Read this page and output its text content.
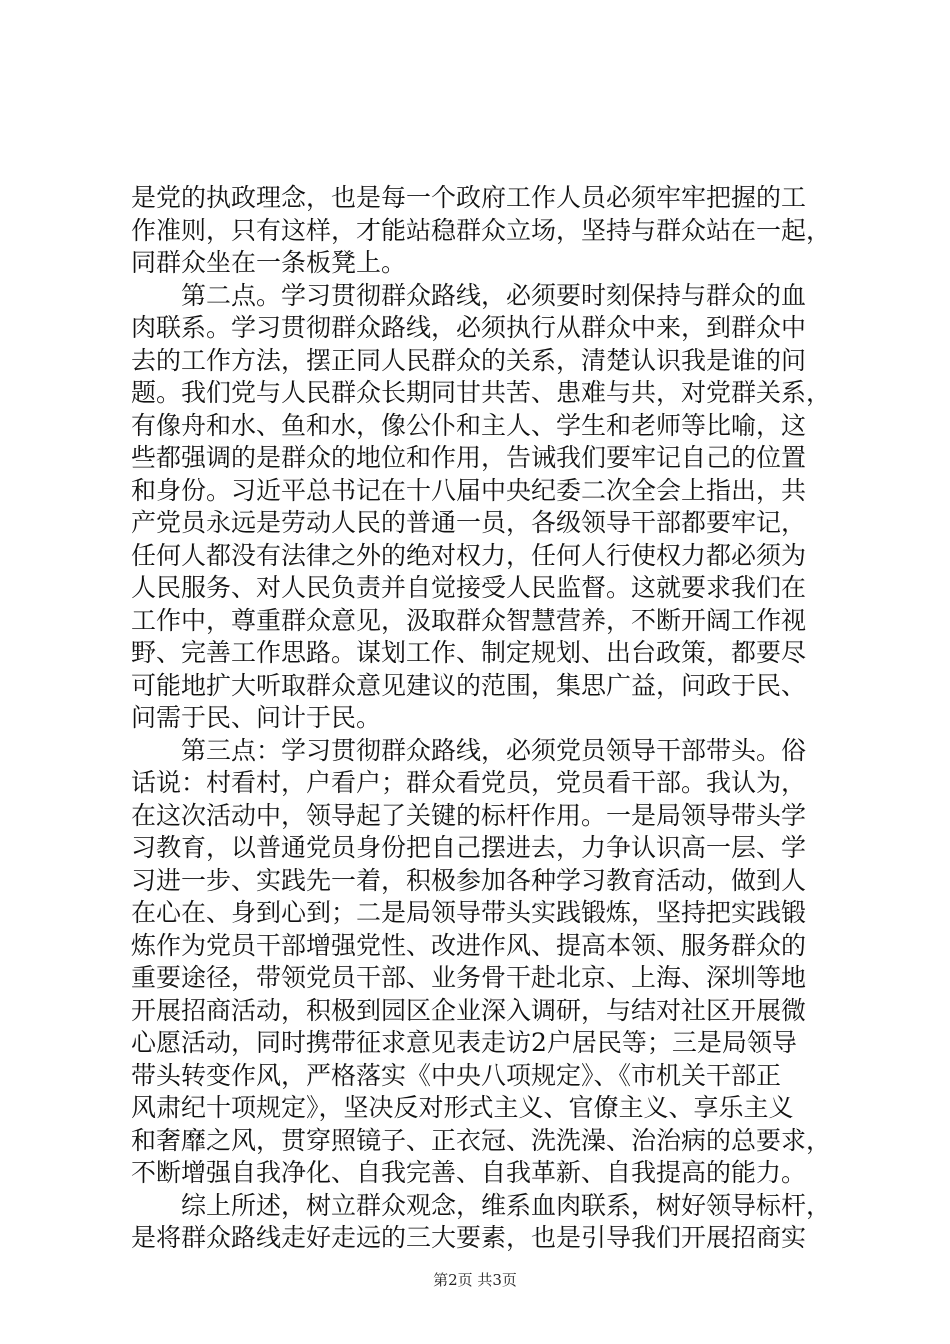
是党的执政理念，也是每一个政府工作人员必须牢牢把握的工
作准则，只有这样，才能站稳群众立场，坚持与群众站在一起，
同群众坐在一条板凳上。
第二点。学习贯彻群众路线，必须要时刻保持与群众的血
肉联系。学习贯彻群众路线，必须执行从群众中来，到群众中
去的工作方法，摆正同人民群众的关系，清楚认识我是谁的问
题。我们党与人民群众长期同甘共苦、患难与共，对党群关系，
有像舟和水、鱼和水，像公仆和主人、学生和老师等比喻，这
些都强调的是群众的地位和作用，告诫我们要牢记自己的位置
和身份。习近平总书记在十八届中央纪委二次全会上指出，共
产党员永远是劳动人民的普通一员，各级领导干部都要牢记，
任何人都没有法律之外的绝对权力，任何人行使权力都必须为
人民服务、对人民负责并自觉接受人民监督。这就要求我们在
工作中，尊重群众意见，汲取群众智慧营养，不断开阔工作视
野、完善工作思路。谋划工作、制定规划、出台政策，都要尽
可能地扩大听取群众意见建议的范围，集思广益，问政于民、
问需于民、问计于民。
第三点：学习贯彻群众路线，必须党员领导干部带头。俗
话说：村看村，户看户；群众看党员，党员看干部。我认为，
在这次活动中，领导起了关键的标杆作用。一是局领导带头学
习教育，以普通党员身份把自己摆进去，力争认识高一层、学
习进一步、实践先一着，积极参加各种学习教育活动，做到人
在心在、身到心到；二是局领导带头实践锻炼，坚持把实践锻
炼作为党员干部增强党性、改进作风、提高本领、服务群众的
重要途径，带领党员干部、业务骨干赴北京、上海、深圳等地
开展招商活动，积极到园区企业深入调研，与结对社区开展微
心愿活动，同时携带征求意见表走访2户居民等；三是局领导
带头转变作风，严格落实《中央八项规定》、《市机关干部正
风肃纪十项规定》，坚决反对形式主义、官僚主义、享乐主义
和奢靡之风，贯穿照镜子、正衣冠、洗洗澡、治治病的总要求，
不断增强自我净化、自我完善、自我革新、自我提高的能力。
综上所述，树立群众观念，维系血肉联系，树好领导标杆，
是将群众路线走好走远的三大要素，也是引导我们开展招商实
第2页 共3页
